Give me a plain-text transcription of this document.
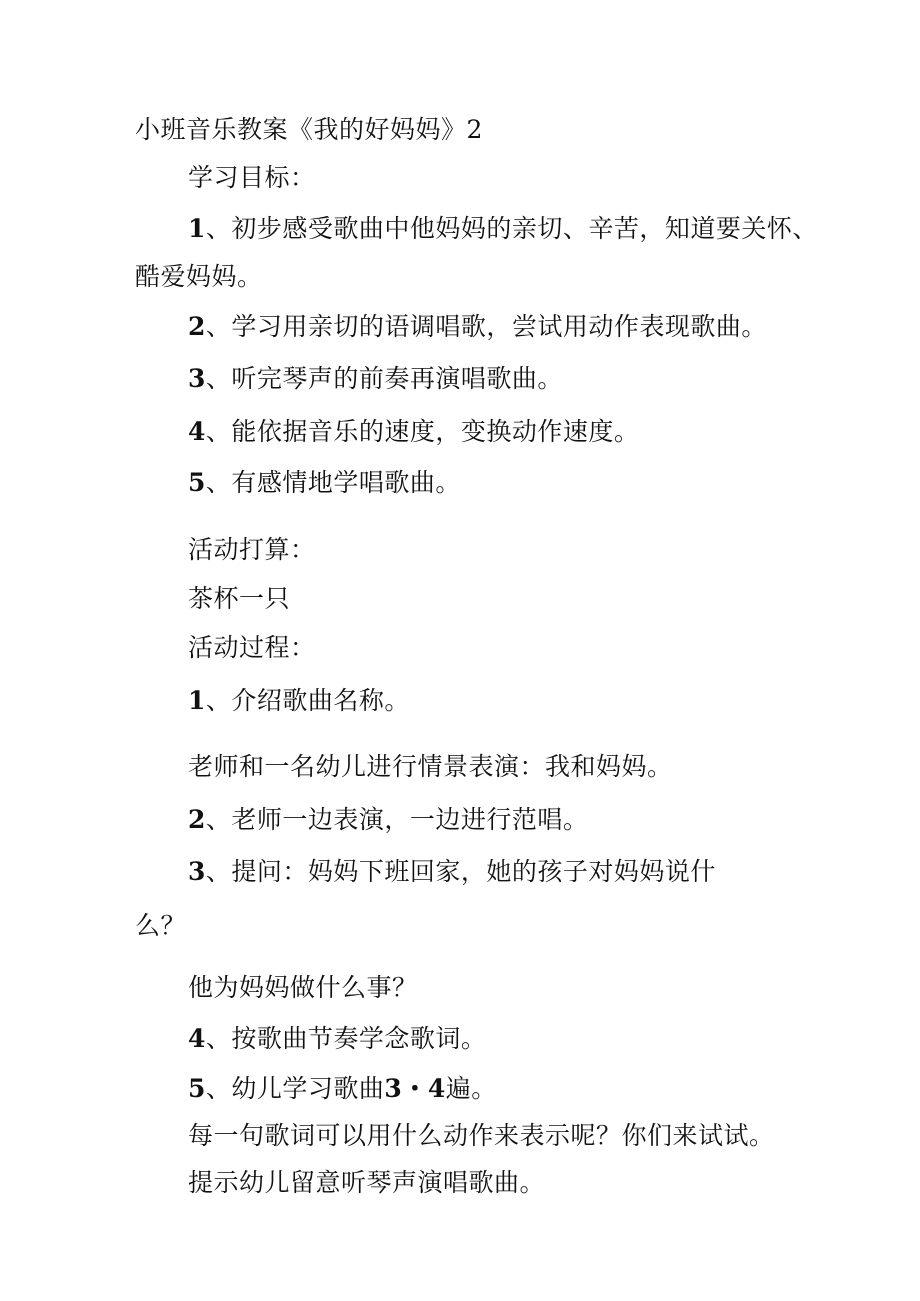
小班音乐教案《我的好妈妈》2
学习目标：
1、初步感受歌曲中他妈妈的亲切、辛苦，知道要关怀、
酷爱妈妈。
2、学习用亲切的语调唱歌，尝试用动作表现歌曲。
3、听完琴声的前奏再演唱歌曲。
4、能依据音乐的速度，变换动作速度。
5、有感情地学唱歌曲。
活动打算：
茶杯一只
活动过程：
1、介绍歌曲名称。
老师和一名幼儿进行情景表演：我和妈妈。
2、老师一边表演，一边进行范唱。
3、提问：妈妈下班回家，她的孩子对妈妈说什
么？
他为妈妈做什么事？
4、按歌曲节奏学念歌词。
5、幼儿学习歌曲3・4遍。
每一句歌词可以用什么动作来表示呢？你们来试试。
提示幼儿留意听琴声演唱歌曲。
